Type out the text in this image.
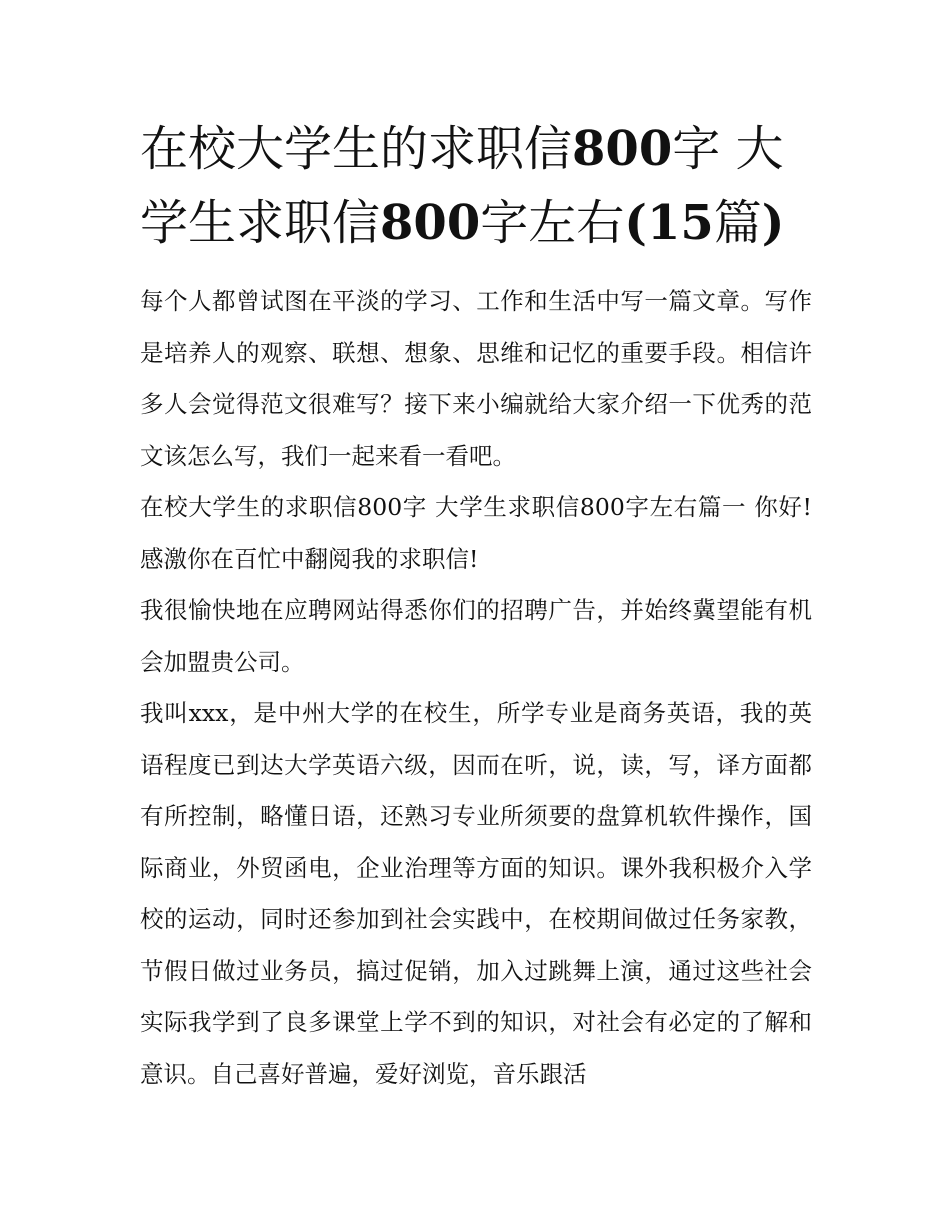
在校大学生的求职信800字 大学生求职信800字左右(15篇)

每个人都曾试图在平淡的学习、工作和生活中写一篇文章。写作是培养人的观察、联想、想象、思维和记忆的重要手段。相信许多人会觉得范文很难写？接下来小编就给大家介绍一下优秀的范文该怎么写，我们一起来看一看吧。

在校大学生的求职信800字 大学生求职信800字左右篇一 你好!感激你在百忙中翻阅我的求职信!

我很愉快地在应聘网站得悉你们的招聘广告，并始终冀望能有机会加盟贵公司。

我叫xxx，是中州大学的在校生，所学专业是商务英语，我的英语程度已到达大学英语六级，因而在听，说，读，写，译方面都有所控制，略懂日语，还熟习专业所须要的盘算机软件操作，国际商业，外贸函电，企业治理等方面的知识。课外我积极介入学校的运动，同时还参加到社会实践中，在校期间做过任务家教，节假日做过业务员，搞过促销，加入过跳舞上演，通过这些社会实际我学到了良多课堂上学不到的知识，对社会有必定的了解和意识。自己喜好普遍，爱好浏览，音乐跟活
